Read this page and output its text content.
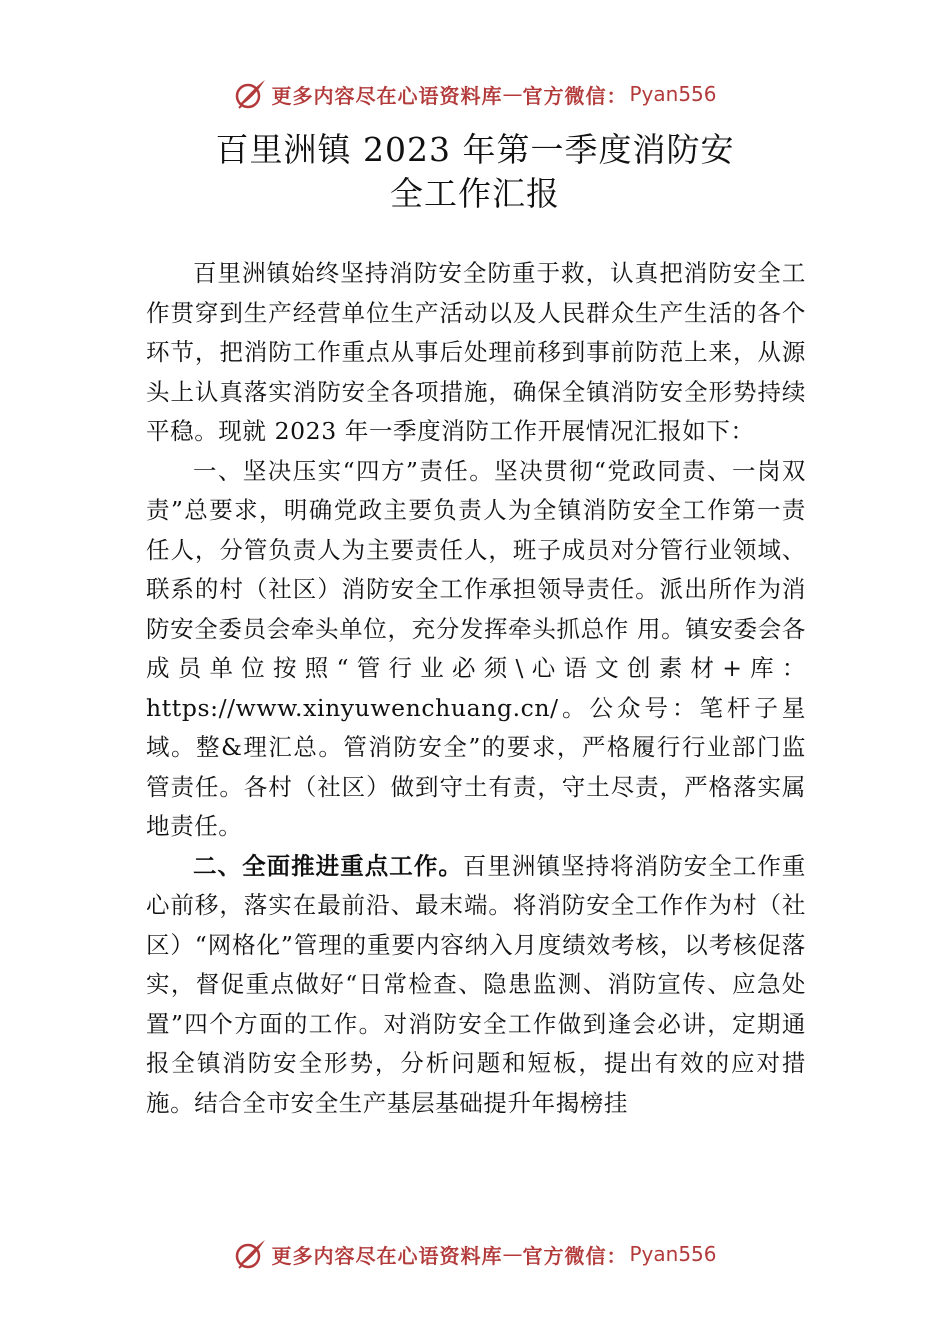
更多内容尽在心语资料库 — 官方微信： Pyan556
百里洲镇 2023 年第一季度消防安
全工作汇报

百里洲镇始终坚持消防安全防重于救，认真把消防安全工作贯穿到生产经营单位生产活动以及人民群众生产生活的各个环节，把消防工作重点从事后处理前移到事前防范上来，从源头上认真落实消防安全各项措施，确保全镇消防安全形势持续平稳。现就 2023 年一季度消防工作开展情况汇报如下：

一、坚决压实“四方”责任。坚决贯彻“党政同责、一岗双责”总要求，明确党政主要负责人为全镇消防安全工作第一责任人，分管负责人为主要责任人，班子成员对分管行业领域、联系的村（社区）消防安全工作承担领导责任。派出所作为消防安全委员会牵头单位，充分发挥牵头抓总作 用。镇安委会各成员单位按照“管行业必须\心语文创素材+库：https://www.xinyuwenchuang.cn/。公众号：笔杆子星域。整&理汇总。管消防安全”的要求，严格履行行业部门监管责任。各村（社区）做到守土有责，守土尽责，严格落实属地责任。

二、全面推进重点工作。百里洲镇坚持将消防安全工作重心前移，落实在最前沿、最末端。将消防安全工作作为村（社区）“网格化”管理的重要内容纳入月度绩效考核，以考核促落实，督促重点做好“日常检查、隐患监测、消防宣传、应急处置”四个方面的工作。对消防安全工作做到逢会必讲，定期通报全镇消防安全形势，分析问题和短板，提出有效的应对措施。结合全市安全生产基层基础提升年揭榜挂

更多内容尽在心语资料库 — 官方微信： Pyan556
